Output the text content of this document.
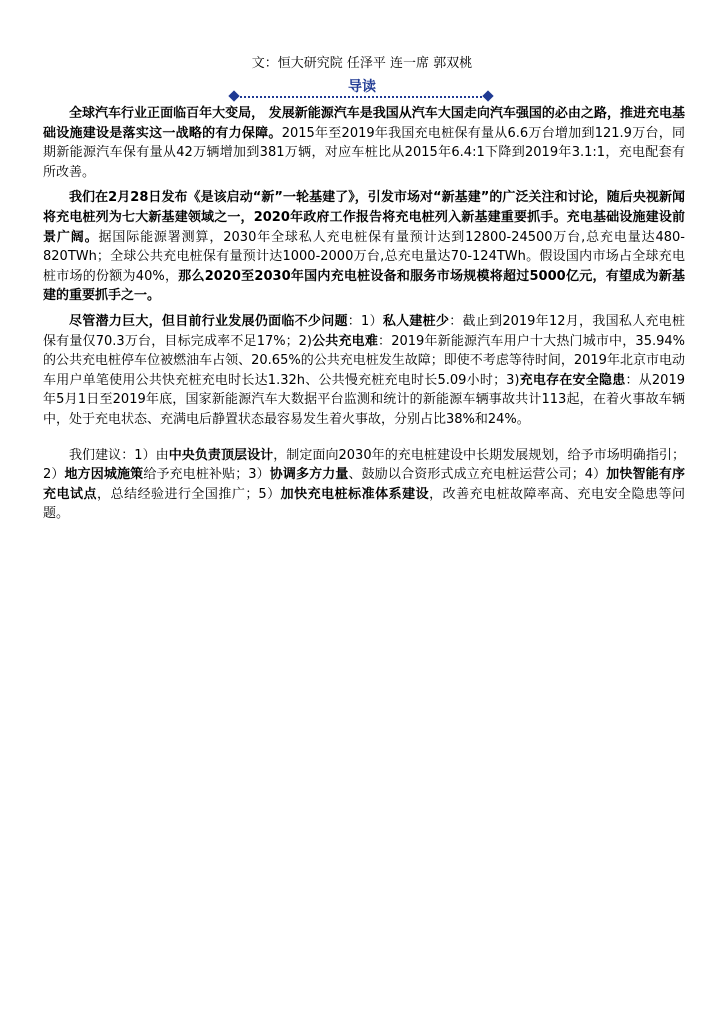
文：恒大研究院 任泽平 连一席 郭双桃
导读

全球汽车行业正面临百年大变局， 发展新能源汽车是我国从汽车大国走向汽车强国的必由之路，推进充电基础设施建设是落实这一战略的有力保障。2015年至2019年我国充电桩保有量从6.6万台增加到121.9万台，同期新能源汽车保有量从42万辆增加到381万辆，对应车桩比从2015年6.4:1下降到2019年3.1:1，充电配套有所改善。

我们在2月28日发布《是该启动“新”一轮基建了》，引发市场对“新基建”的广泛关注和讨论，随后央视新闻将充电桩列为七大新基建领域之一，2020年政府工作报告将充电桩列入新基建重要抓手。充电基础设施建设前景广阔。据国际能源署测算，2030年全球私人充电桩保有量预计达到12800-24500万台,总充电量达480-820TWh；全球公共充电桩保有量预计达1000-2000万台,总充电量达70-124TWh。假设国内市场占全球充电桩市场的份额为40%，那么2020至2030年国内充电桩设备和服务市场规模将超过5000亿元，有望成为新基建的重要抓手之一。

尽管潜力巨大，但目前行业发展仍面临不少问题：1）私人建桩少：截止到2019年12月，我国私人充电桩保有量仅70.3万台，目标完成率不足17%；2)公共充电难：2019年新能源汽车用户十大热门城市中，35.94%的公共充电桩停车位被燃油车占领、20.65%的公共充电桩发生故障；即使不考虑等待时间，2019年北京市电动车用户单笔使用公共快充桩充电时长达1.32h、公共慢充桩充电时长5.09小时；3)充电存在安全隐患：从2019年5月1日至2019年底，国家新能源汽车大数据平台监测和统计的新能源车辆事故共计113起，在着火事故车辆中，处于充电状态、充满电后静置状态最容易发生着火事故，分别占比38%和24%。

我们建议：1）由中央负责顶层设计，制定面向2030年的充电桩建设中长期发展规划，给予市场明确指引；2）地方因城施策给予充电桩补贴；3）协调多方力量、鼓励以合资形式成立充电桩运营公司；4）加快智能有序充电试点，总结经验进行全国推广；5）加快充电桩标准体系建设，改善充电桩故障率高、充电安全隐患等问题。
